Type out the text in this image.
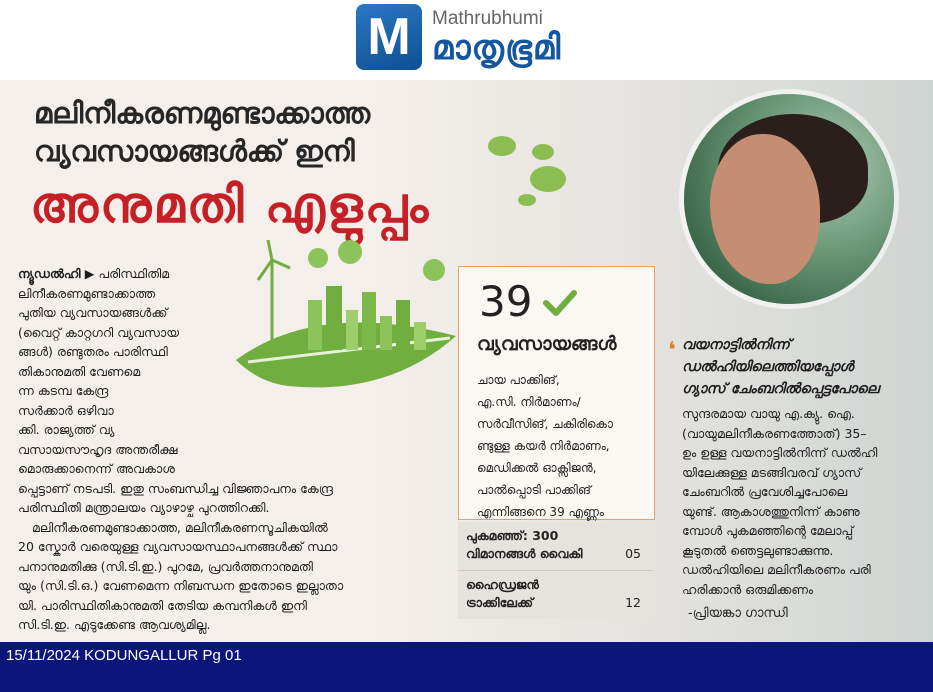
M Mathrubhumi
മാതൃഭൂമി
മലിനീകരണമുണ്ടാക്കാത്ത
വ്യവസായങ്ങൾക്ക് ഇനി
അനുമതി എളുപ്പം

ന്യൂഡൽഹി ▶ പരിസ്ഥിതിമ
ലിനീകരണമുണ്ടാക്കാത്ത
പുതിയ വ്യവസായങ്ങൾക്ക്
(വൈറ്റ് കാറ്റഗറി വ്യവസായ
ങ്ങൾ) രണ്ടുതരം പാരിസ്ഥി
തികാനുമതി വേണമെ
ന്ന കടമ്പ കേന്ദ്ര
സർക്കാർ ഒഴിവാ
ക്കി. രാജ്യത്ത് വ്യ
വസായസൗഹൃദ അന്തരീക്ഷ
മൊരുക്കാനെന്ന് അവകാശ

പ്പെട്ടാണ് നടപടി. ഇതു സംബന്ധിച്ച വിജ്ഞാപനം കേന്ദ്ര
പരിസ്ഥിതി മന്ത്രാലയം വ്യാഴാഴ്ച പുറത്തിറക്കി.

മലിനീകരണമുണ്ടാക്കാത്ത, മലിനീകരണസൂചികയിൽ
20 സ്കോർ വരെയുള്ള വ്യവസായസ്ഥാപനങ്ങൾക്ക് സ്ഥാ
പനാനുമതിക്കു (സി.ടി.ഇ.) പുറമേ, പ്രവർത്തനാനുമതി
യും (സി.ടി.ഒ.) വേണമെന്ന നിബന്ധന ഇതോടെ ഇല്ലാതാ
യി. പാരിസ്ഥിതികാനുമതി തേടിയ കമ്പനികൾ ഇനി
സി.ടി.ഇ. എടുക്കേണ്ട ആവശ്യമില്ല.

39
വ്യവസായങ്ങൾ
ചായ പാക്കിങ്,
എ.സി. നിർമാണം/
സർവീസിങ്, ചകിരികൊ
ണ്ടുള്ള കയർ നിർമാണം,
മെഡിക്കൽ ഓക്സിജൻ,
പാൽപ്പൊടി പാക്കിങ്
എന്നിങ്ങനെ 39 എണ്ണം
പുകമഞ്ഞ്: 300
വിമാനങ്ങൾ വൈകി	05
ഹൈഡ്രജൻ
ട്രാക്കിലേക്ക്	12
❛ വയനാട്ടിൽനിന്ന്
ഡൽഹിയിലെത്തിയപ്പോൾ
ഗ്യാസ് ചേംബറിൽപ്പെട്ടപോലെ
സുന്ദരമായ വായു എ.ക്യു. ഐ.
(വായുമലിനീകരണത്തോത്) 35–
ഉം ഉള്ള വയനാട്ടിൽനിന്ന് ഡൽഹി
യിലേക്കുള്ള മടങ്ങിവരവ് ഗ്യാസ്
ചേംബറിൽ പ്രവേശിച്ചപോലെ
യുണ്ട്. ആകാശത്തുനിന്ന് കാണു
മ്പോൾ പുകമഞ്ഞിന്റെ മേലാപ്പ്
കൂടുതൽ ഞെട്ടലുണ്ടാക്കുന്നു.
ഡൽഹിയിലെ മലിനീകരണം പരി
ഹരിക്കാൻ ഒരുമിക്കണം
-പ്രിയങ്കാ ഗാന്ധി
15/11/2024 KODUNGALLUR Pg 01
